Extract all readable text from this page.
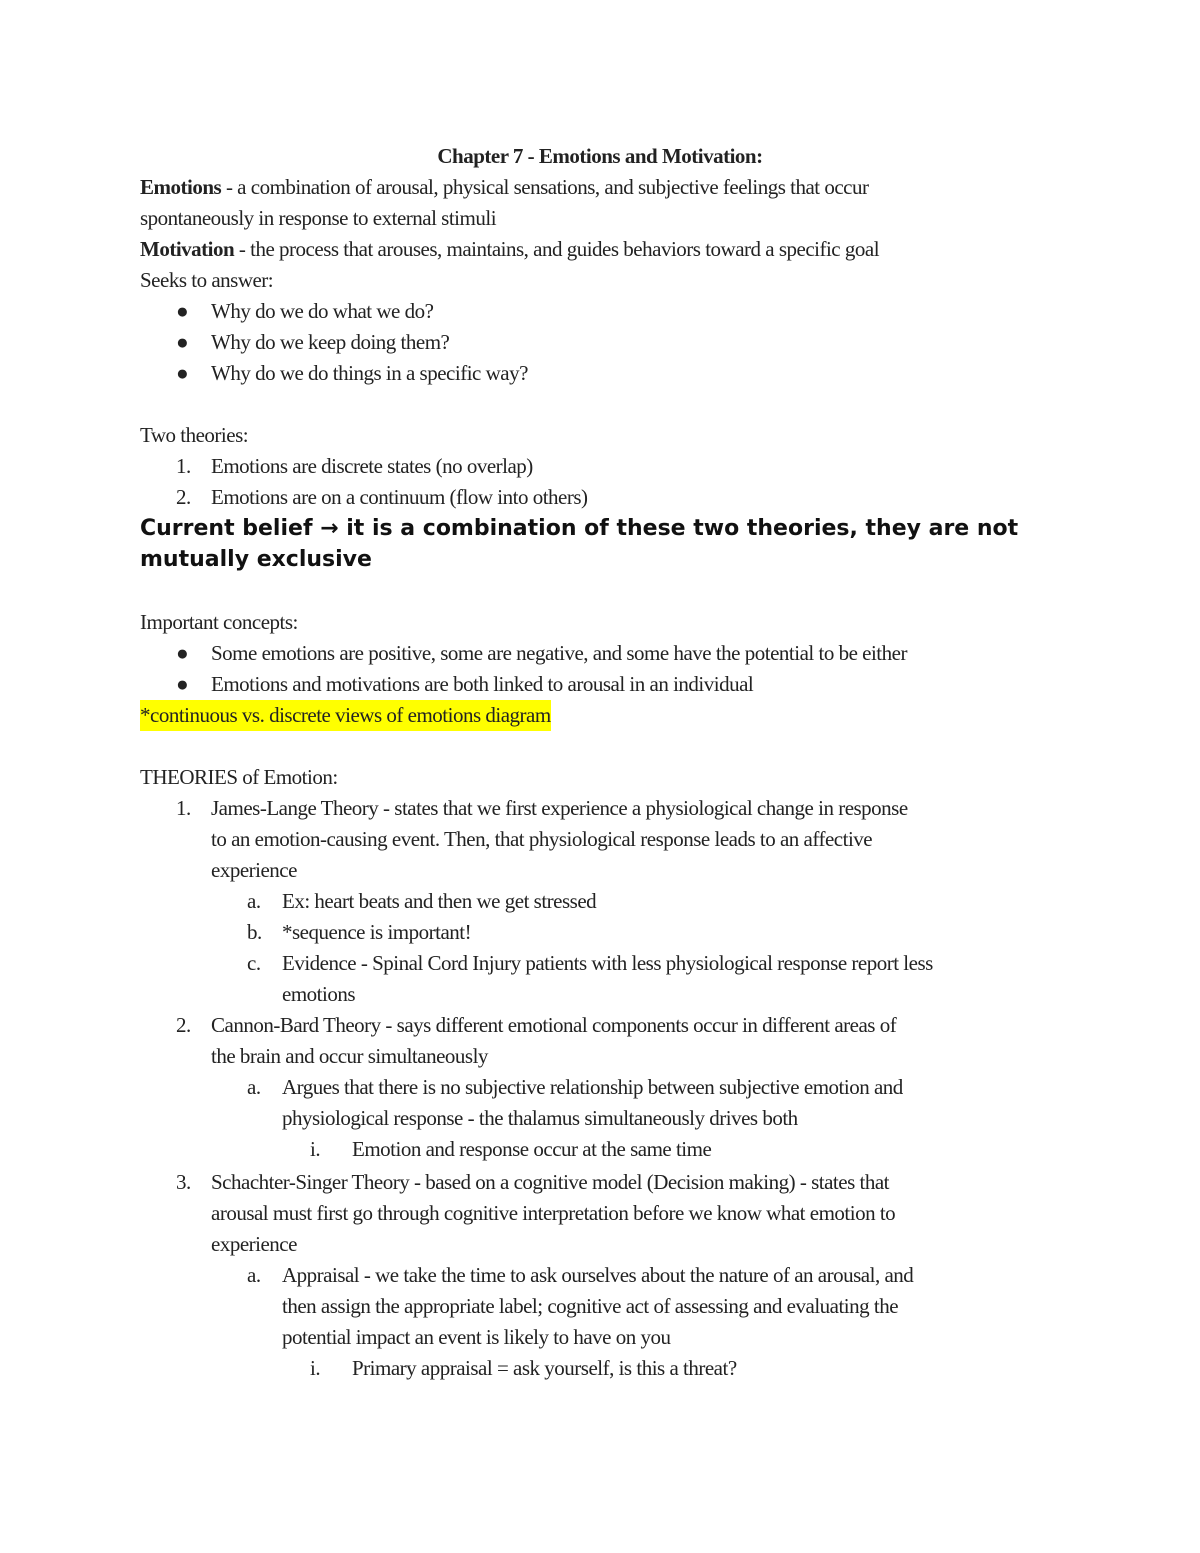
Chapter 7 - Emotions and Motivation:
Emotions - a combination of arousal, physical sensations, and subjective feelings that occur
spontaneously in response to external stimuli
Motivation - the process that arouses, maintains, and guides behaviors toward a specific goal
Seeks to answer:
● Why do we do what we do?
● Why do we keep doing them?
● Why do we do things in a specific way?
Two theories:
1. Emotions are discrete states (no overlap)
2. Emotions are on a continuum (flow into others)
Current belief → it is a combination of these two theories, they are not
mutually exclusive
Important concepts:
● Some emotions are positive, some are negative, and some have the potential to be either
● Emotions and motivations are both linked to arousal in an individual
*continuous vs. discrete views of emotions diagram
THEORIES of Emotion:
1. James-Lange Theory - states that we first experience a physiological change in response
to an emotion-causing event. Then, that physiological response leads to an affective
experience
a. Ex: heart beats and then we get stressed
b. *sequence is important!
c. Evidence - Spinal Cord Injury patients with less physiological response report less
emotions
2. Cannon-Bard Theory - says different emotional components occur in different areas of
the brain and occur simultaneously
a. Argues that there is no subjective relationship between subjective emotion and
physiological response - the thalamus simultaneously drives both
i. Emotion and response occur at the same time
3. Schachter-Singer Theory - based on a cognitive model (Decision making) - states that
arousal must first go through cognitive interpretation before we know what emotion to
experience
a. Appraisal - we take the time to ask ourselves about the nature of an arousal, and
then assign the appropriate label; cognitive act of assessing and evaluating the
potential impact an event is likely to have on you
i. Primary appraisal = ask yourself, is this a threat?
